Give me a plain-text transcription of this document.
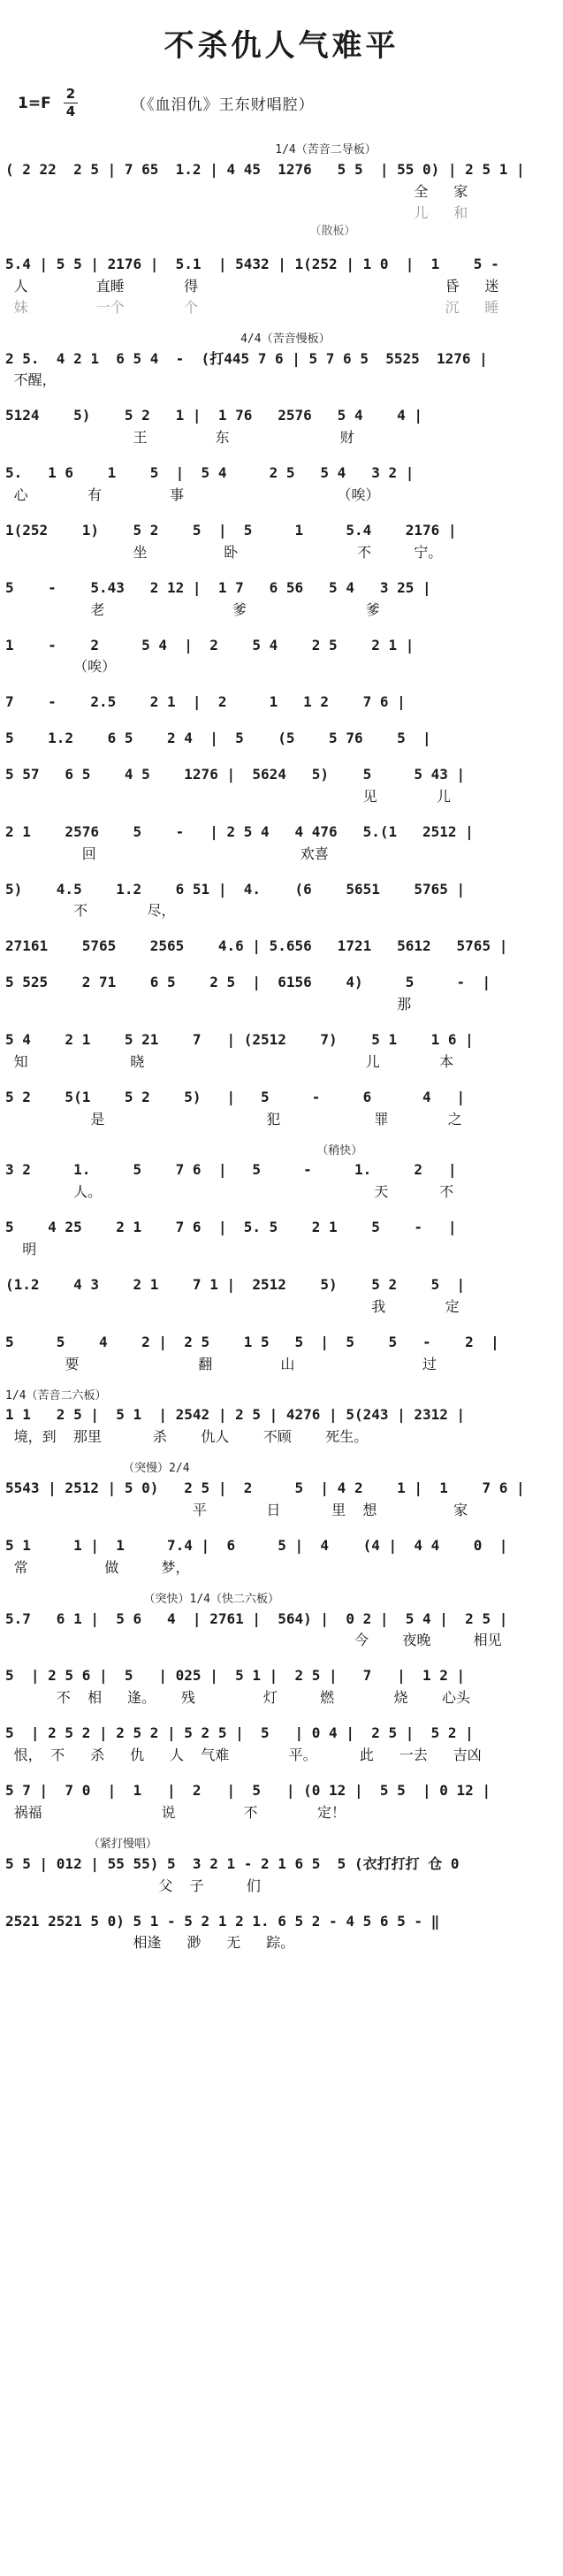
不杀仇人气难平
$1=F \frac{2}{4}$	（《血泪仇》王东财唱腔）
1/4（苦音二导板）
( 2 22  2 5 | 7 65  1.2 | 4 45  1276   5 5  | 55 0) | 2 5 1 |
全   家
儿   和
（散板）
5.4 | 5 5 | 2176 |  5.1  | 5432 | 1(252 | 1 0  |  1    5 -
人        直睡       得                             昏   迷
妹        一个       个                             沉   睡
4/4（苦音慢板）
2 5.  4 2 1  6 5 4  -  (打445 7 6 | 5 7 6 5  5525  1276 |
不醒，
5124    5)    5 2   1 |  1 76   2576   5 4    4 |
王        东             财
5.   1 6    1    5  |  5 4     2 5   5 4   3 2 |
心       有        事                  （唉）
1(252    1)    5 2    5  |  5     1     5.4    2176 |
坐         卧              不     宁。
5    -    5.43   2 12 |  1 7   6 56   5 4   3 25 |
老               爹              爹
1    -    2     5 4  |  2    5 4    2 5    2 1 |
（唉）
7    -    2.5    2 1  |  2     1   1 2    7 6 |
5    1.2    6 5    2 4  |  5    (5    5 76    5  |
5 57   6 5    4 5    1276 |  5624   5)    5     5 43 |
见       儿
2 1    2576    5    -   | 2 5 4   4 476   5.(1   2512 |
回                        欢喜
5)    4.5    1.2    6 51 |  4.    (6    5651    5765 |
不       尽，
27161    5765    2565    4.6 | 5.656   1721   5612   5765 |
5 525    2 71    6 5    2 5  |  6156    4)     5     -  |
那
5 4    2 1    5 21    7   | (2512    7)    5 1    1 6 |
知            晓                          儿       本
5 2    5(1    5 2    5)   |   5     -     6      4   |
是                   犯           罪       之
（稍快）
3 2     1.     5    7 6  |   5     -     1.     2   |
人。                                天      不
5    4 25    2 1    7 6  |  5. 5    2 1    5    -   |
明
(1.2    4 3    2 1    7 1 |  2512    5)    5 2    5  |
我       定
5     5    4    2 |  2 5    1 5   5  |  5    5   -    2  |
要              翻        山               过
1/4（苦音二六板）
1 1   2 5 |  5 1  | 2542 | 2 5 | 4276 | 5(243 | 2312 |
境，到  那里      杀    仇人    不顾    死生。
（突慢）2/4
5543 | 2512 | 5 0)   2 5 |  2     5  | 4 2    1 |  1    7 6 |
平       日      里  想         家
5 1     1 |  1     7.4 |  6     5 |  4    (4 |  4 4    0  |
常         做     梦，
（突快）1/4（快二六板）
5.7   6 1 |  5 6   4  | 2761 |  564) |  0 2 |  5 4 |  2 5 |
今    夜晚     相见
5  | 2 5 6 |  5   | 025 |  5 1 |  2 5 |   7   |  1 2 |
不  相   逢。   残        灯     燃       烧    心头
5  | 2 5 2 | 2 5 2 | 5 2 5 |  5   | 0 4 |  2 5 |  5 2 |
恨， 不   杀   仇   人  气难       平。     此   一去   吉凶
5 7 |  7 0  |  1   |  2   |  5   | (0 12 |  5 5  | 0 12 |
祸福              说        不       定！
（紧打慢唱）
5 5 | 012 | 55 55) 5  3 2 1 - 2 1 6 5  5 (衣打打打 仓 0
父  子     们
2521 2521 5 0) 5 1 - 5 2 1 2 1. 6 5 2 - 4 5 6 5 - ‖
相逢   渺   无   踪。
